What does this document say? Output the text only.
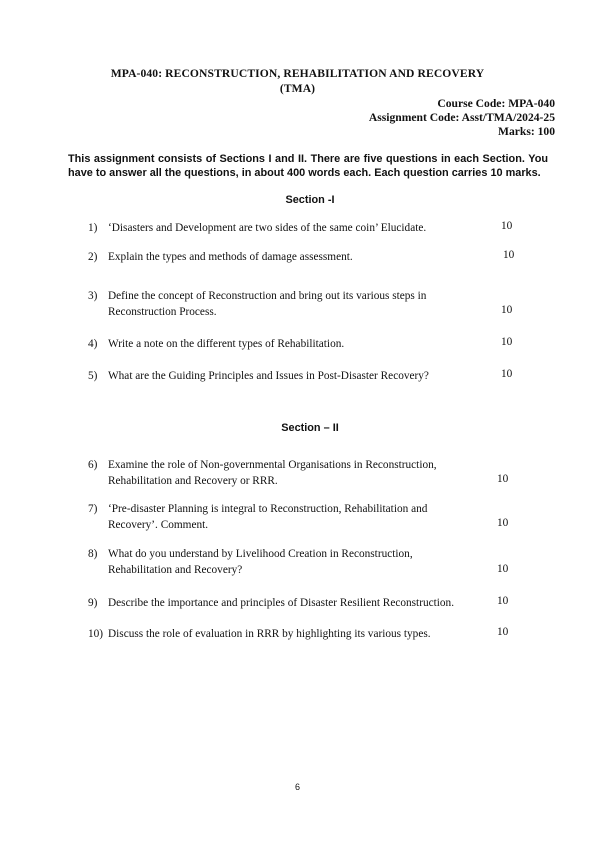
MPA-040: RECONSTRUCTION, REHABILITATION AND RECOVERY
(TMA)
Course Code: MPA-040
Assignment Code: Asst/TMA/2024-25
Marks: 100
This assignment consists of Sections I and II. There are five questions in each Section. You have to answer all the questions, in about 400 words each. Each question carries 10 marks.
Section -I
1) ‘Disasters and Development are two sides of the same coin’ Elucidate.	10
2) Explain the types and methods of damage assessment.	10
3) Define the concept of Reconstruction and bring out its various steps in Reconstruction Process.	10
4) Write a note on the different types of Rehabilitation.	10
5) What are the Guiding Principles and Issues in Post-Disaster Recovery?	10
Section – II
6) Examine the role of Non-governmental Organisations in Reconstruction, Rehabilitation and Recovery or RRR.	10
7) ‘Pre-disaster Planning is integral to Reconstruction, Rehabilitation and Recovery’. Comment.	10
8) What do you understand by Livelihood Creation in Reconstruction, Rehabilitation and Recovery?	10
9) Describe the importance and principles of Disaster Resilient Reconstruction.	10
10) Discuss the role of evaluation in RRR by highlighting its various types.	10
6
